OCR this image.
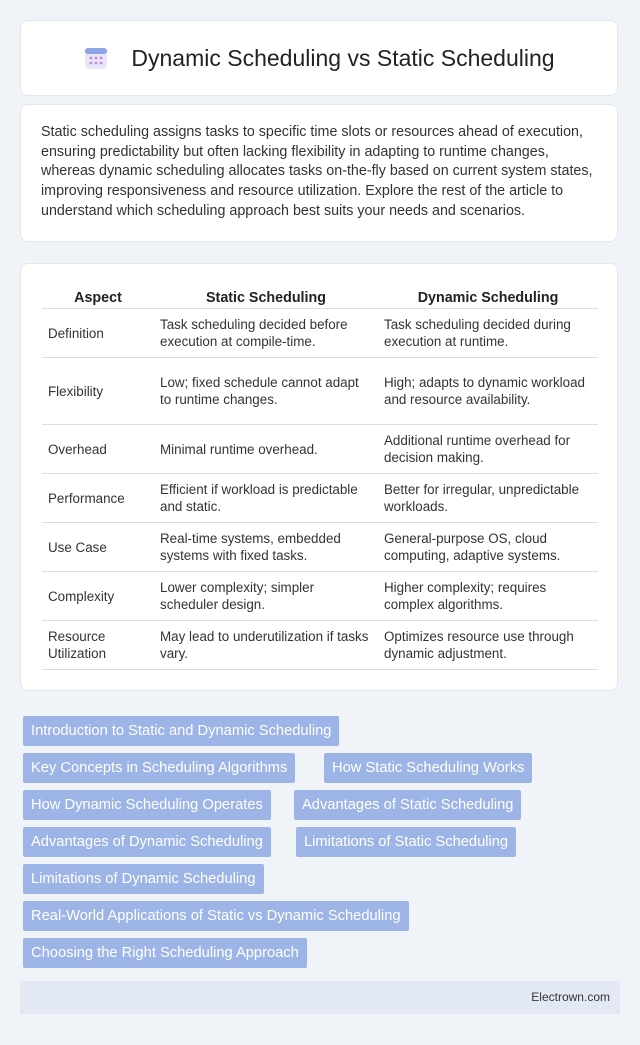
Dynamic Scheduling vs Static Scheduling

Static scheduling assigns tasks to specific time slots or resources ahead of execution, ensuring predictability but often lacking flexibility in adapting to runtime changes, whereas dynamic scheduling allocates tasks on-the-fly based on current system states, improving responsiveness and resource utilization. Explore the rest of the article to understand which scheduling approach best suits your needs and scenarios.

Aspect	Static Scheduling	Dynamic Scheduling
Definition	Task scheduling decided before execution at compile-time.	Task scheduling decided during execution at runtime.
Flexibility	Low; fixed schedule cannot adapt to runtime changes.	High; adapts to dynamic workload and resource availability.
Overhead	Minimal runtime overhead.	Additional runtime overhead for decision making.
Performance	Efficient if workload is predictable and static.	Better for irregular, unpredictable workloads.
Use Case	Real-time systems, embedded systems with fixed tasks.	General-purpose OS, cloud computing, adaptive systems.
Complexity	Lower complexity; simpler scheduler design.	Higher complexity; requires complex algorithms.
Resource Utilization	May lead to underutilization if tasks vary.	Optimizes resource use through dynamic adjustment.
Introduction to Static and Dynamic Scheduling
Key Concepts in Scheduling Algorithms	How Static Scheduling Works
How Dynamic Scheduling Operates	Advantages of Static Scheduling
Advantages of Dynamic Scheduling	Limitations of Static Scheduling
Limitations of Dynamic Scheduling
Real-World Applications of Static vs Dynamic Scheduling
Choosing the Right Scheduling Approach
Electrown.com
